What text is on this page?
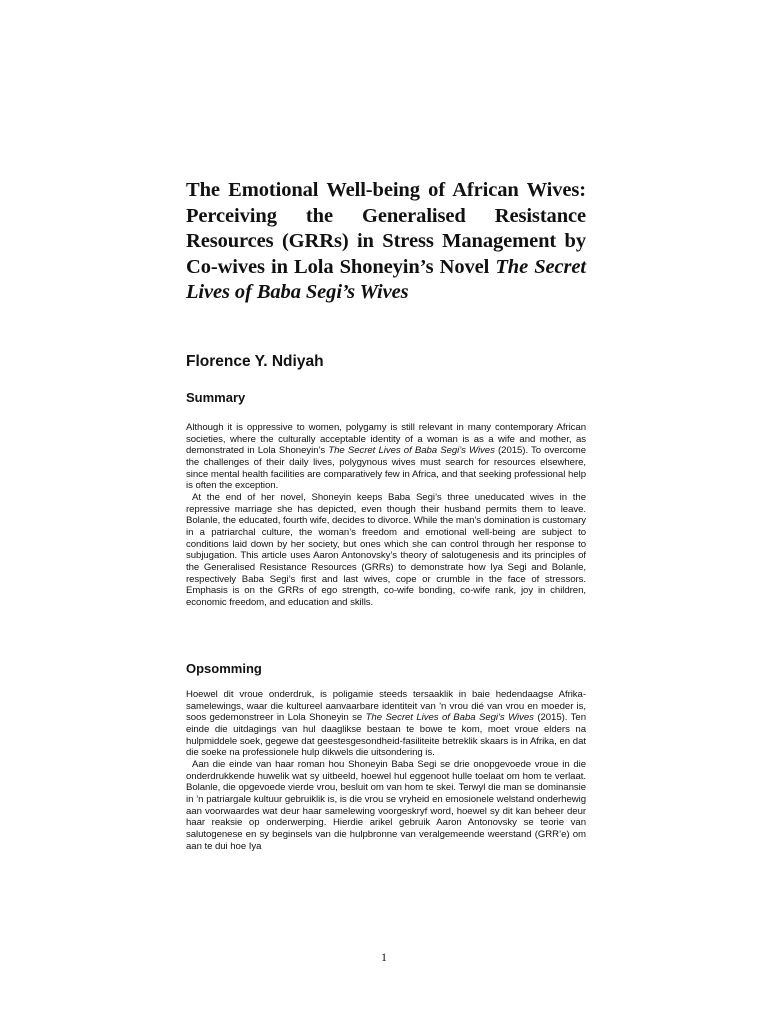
The Emotional Well-being of African Wives: Perceiving the Generalised Resistance Resources (GRRs) in Stress Management by Co-wives in Lola Shoneyin’s Novel The Secret Lives of Baba Segi’s Wives
Florence Y. Ndiyah
Summary

Although it is oppressive to women, polygamy is still relevant in many contemporary African societies, where the culturally acceptable identity of a woman is as a wife and mother, as demonstrated in Lola Shoneyin’s The Secret Lives of Baba Segi’s Wives (2015). To overcome the challenges of their daily lives, polygynous wives must search for resources elsewhere, since mental health facilities are comparatively few in Africa, and that seeking professional help is often the exception.

At the end of her novel, Shoneyin keeps Baba Segi’s three uneducated wives in the repressive marriage she has depicted, even though their husband permits them to leave. Bolanle, the educated, fourth wife, decides to divorce. While the man’s domination is customary in a patriarchal culture, the woman’s freedom and emotional well-being are subject to conditions laid down by her society, but ones which she can control through her response to subjugation. This article uses Aaron Antonovsky’s theory of salotugenesis and its principles of the Generalised Resistance Resources (GRRs) to demonstrate how Iya Segi and Bolanle, respectively Baba Segi’s first and last wives, cope or crumble in the face of stressors. Emphasis is on the GRRs of ego strength, co-wife bonding, co-wife rank, joy in children, economic freedom, and education and skills.

Opsomming

Hoewel dit vroue onderdruk, is poligamie steeds tersaaklik in baie hedendaagse Afrika-samelewings, waar die kultureel aanvaarbare identiteit van ’n vrou dié van vrou en moeder is, soos gedemonstreer in Lola Shoneyin se The Secret Lives of Baba Segi’s Wives (2015). Ten einde die uitdagings van hul daaglikse bestaan te bowe te kom, moet vroue elders na hulpmiddele soek, gegewe dat geestesgesondheid-fasiliteite betreklik skaars is in Afrika, en dat die soeke na professionele hulp dikwels die uitsondering is.

Aan die einde van haar roman hou Shoneyin Baba Segi se drie onopgevoede vroue in die onderdrukkende huwelik wat sy uitbeeld, hoewel hul eggenoot hulle toelaat om hom te verlaat. Bolanle, die opgevoede vierde vrou, besluit om van hom te skei. Terwyl die man se dominansie in ’n patriargale kultuur gebruiklik is, is die vrou se vryheid en emosionele welstand onderhewig aan voorwaardes wat deur haar samelewing voorgeskryf word, hoewel sy dit kan beheer deur haar reaksie op onderwerping. Hierdie arikel gebruik Aaron Antonovsky se teorie van salutogenese en sy beginsels van die hulpbronne van veralgemeende weerstand (GRR’e) om aan te dui hoe Iya

1
